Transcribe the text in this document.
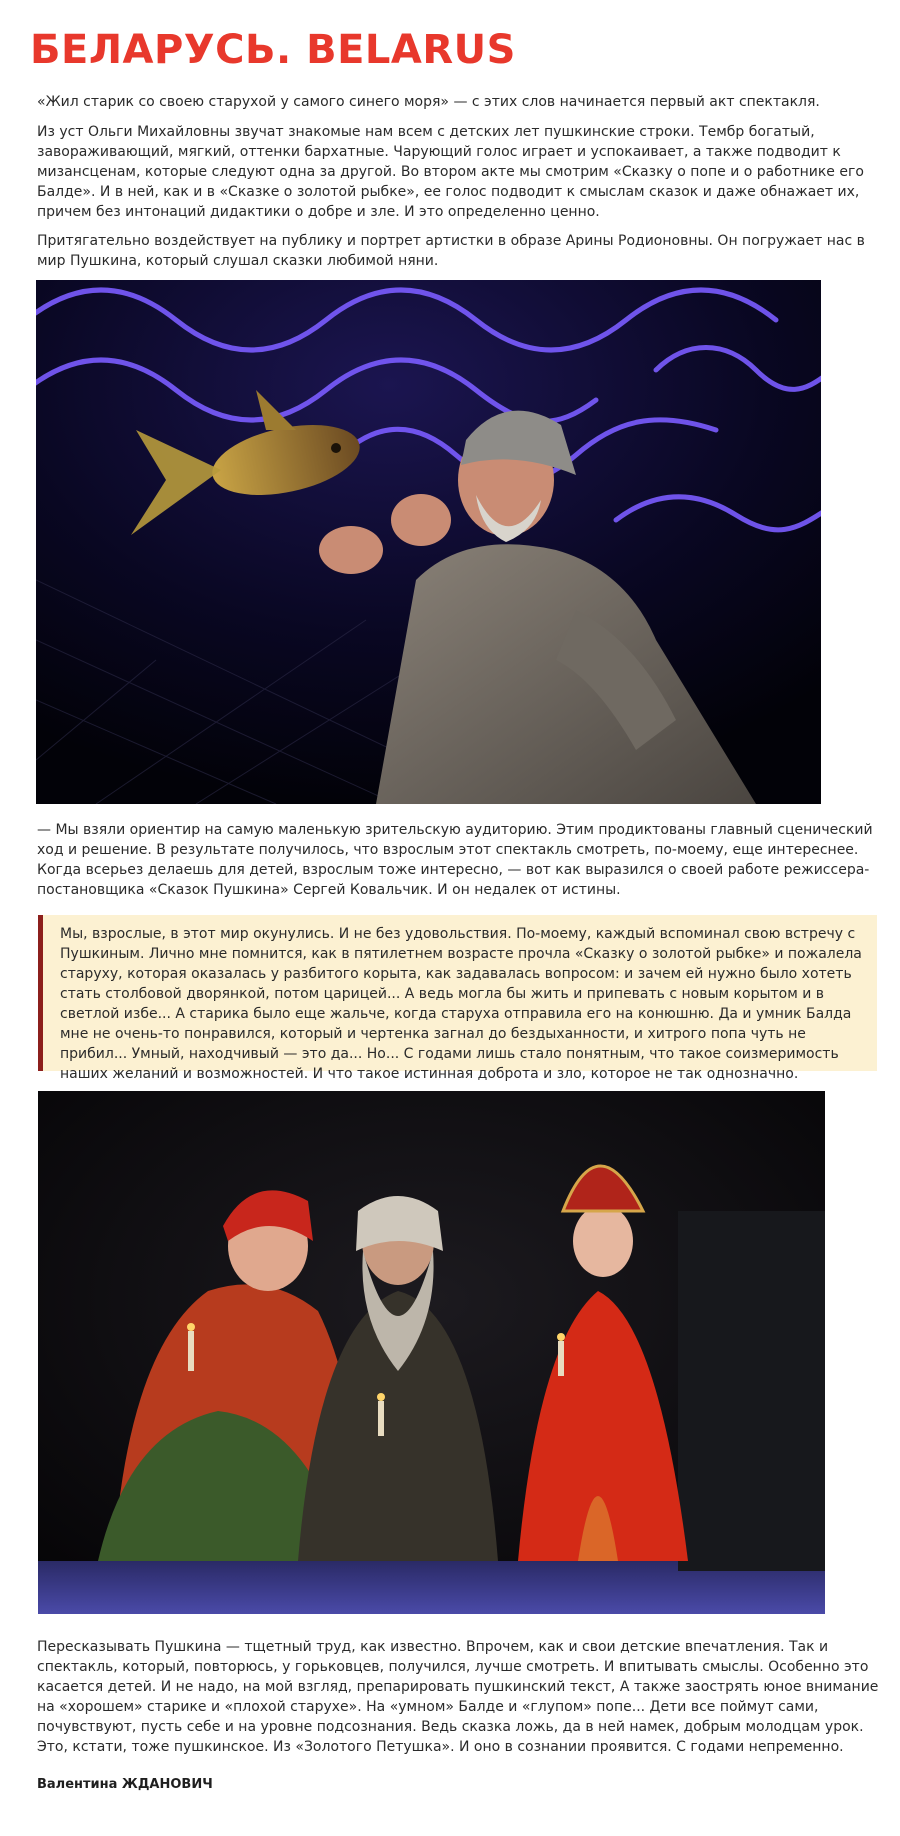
БЕЛАРУСЬ. BELARUS

«Жил старик со своею старухой у самого синего моря» — с этих слов начинается первый акт спектакля.

Из уст Ольги Михайловны звучат знакомые нам всем с детских лет пушкинские строки. Тембр богатый, завораживающий, мягкий, оттенки бархатные. Чарующий голос играет и успокаивает, а также подводит к мизансценам, которые следуют одна за другой. Во втором акте мы смотрим «Сказку о попе и о работнике его Балде». И в ней, как и в «Сказке о золотой рыбке», ее голос подводит к смыслам сказок и даже обнажает их, причем без интонаций дидактики о добре и зле. И это определенно ценно.

Притягательно воздействует на публику и портрет артистки в образе Арины Родионовны. Он погружает нас в мир Пушкина, который слушал сказки любимой няни.

— Мы взяли ориентир на самую маленькую зрительскую аудиторию. Этим продиктованы главный сценический ход и решение. В результате получилось, что взрослым этот спектакль смотреть, по-моему, еще интереснее. Когда всерьез делаешь для детей, взрослым тоже интересно, — вот как выразился о своей работе режиссера-постановщика «Сказок Пушкина» Сергей Ковальчик. И он недалек от истины.

Мы, взрослые, в этот мир окунулись. И не без удовольствия. По-моему, каждый вспоминал свою встречу с Пушкиным. Лично мне помнится, как в пятилетнем возрасте прочла «Сказку о золотой рыбке» и пожалела старуху, которая оказалась у разбитого корыта, как задавалась вопросом: и зачем ей нужно было хотеть стать столбовой дворянкой, потом царицей... А ведь могла бы жить и припевать с новым корытом и в светлой избе... А старика было еще жальче, когда старуха отправила его на конюшню. Да и умник Балда мне не очень-то понравился, который и чертенка загнал до бездыханности, и хитрого попа чуть не прибил... Умный, находчивый — это да... Но... С годами лишь стало понятным, что такое соизмеримость наших желаний и возможностей. И что такое истинная доброта и зло, которое не так однозначно.

Пересказывать Пушкина — тщетный труд, как известно. Впрочем, как и свои детские впечатления. Так и спектакль, который, повторюсь, у горьковцев, получился, лучше смотреть. И впитывать смыслы. Особенно это касается детей. И не надо, на мой взгляд, препарировать пушкинский текст, А также заострять юное внимание на «хорошем» старике и «плохой старухе». На «умном» Балде и «глупом» попе... Дети все поймут сами, почувствуют, пусть себе и на уровне подсознания. Ведь сказка ложь, да в ней намек, добрым молодцам урок. Это, кстати, тоже пушкинское. Из «Золотого Петушка». И оно в сознании проявится. С годами непременно.

Валентина ЖДАНОВИЧ
